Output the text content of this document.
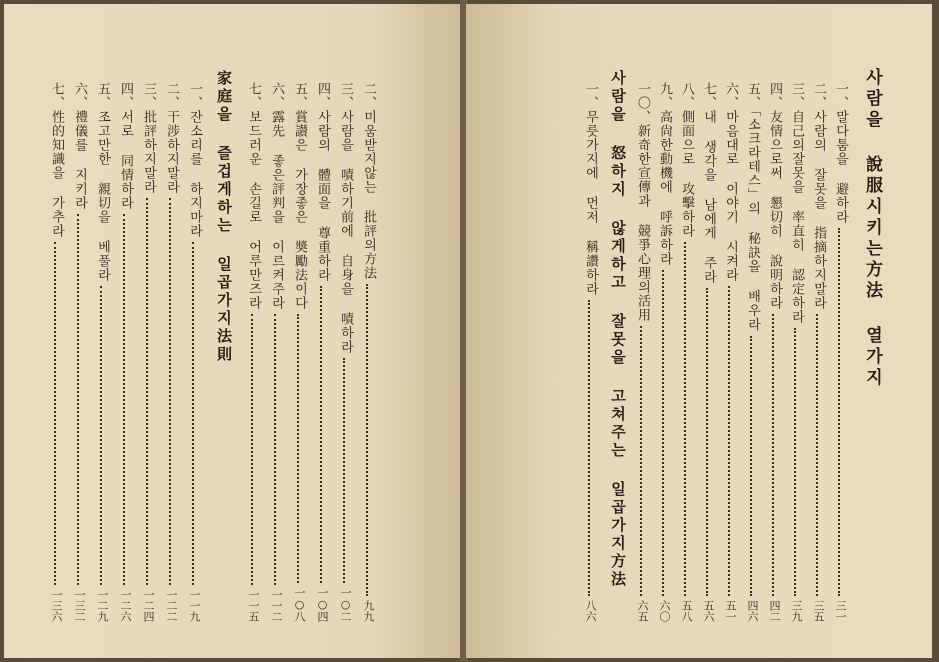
二、미움받지않는 批評의方法
九九
三、사람을 嘖하기前에 自身을 嘖하라
一○二
四、사람의 體面을 尊重하라
一○四
五、賞讃은 가장좋은 奬勵法이다
一○八
六、露先 좋은評判을 이르켜주라
一一二
七、보드러운 손길로 어루만즈라
一一五
家庭을 즐겁게하는 일곱가지法則
一、잔소리를 하지마라
一一九
二、干涉하지말라
一二二
三、批評하지말라
一二四
四、서로 同情하라
一二六
五、조고만한 親切을 베풀라
一二九
六、禮儀를 지키라
一三二
七、性的知識을 가추라
一三六
사람을 說服시키는方法 열가지
一、말다툼을 避하라
三一
二、사람의 잘못을 指摘하지말라
三五
三、自己의잘못을 率直히 認定하라
三九
四、友情으로써 懇切히 說明하라
四二
五、「소크라테스」의 秘訣을 배우라
四六
六、마음대로 이야기 시켜라
五一
七、내 생각을 남에게 주라
五六
八、側面으로 攻擊하라
五八
九、高尙한動機에 呼訴하라
六〇
一〇、新奇한宣傳과 競爭心理의活用
六五
사람을 怒하지 않게하고 잘못을 고쳐주는 일곱가지方法
一、무릇가지에 먼저 稱讚하라
八六
